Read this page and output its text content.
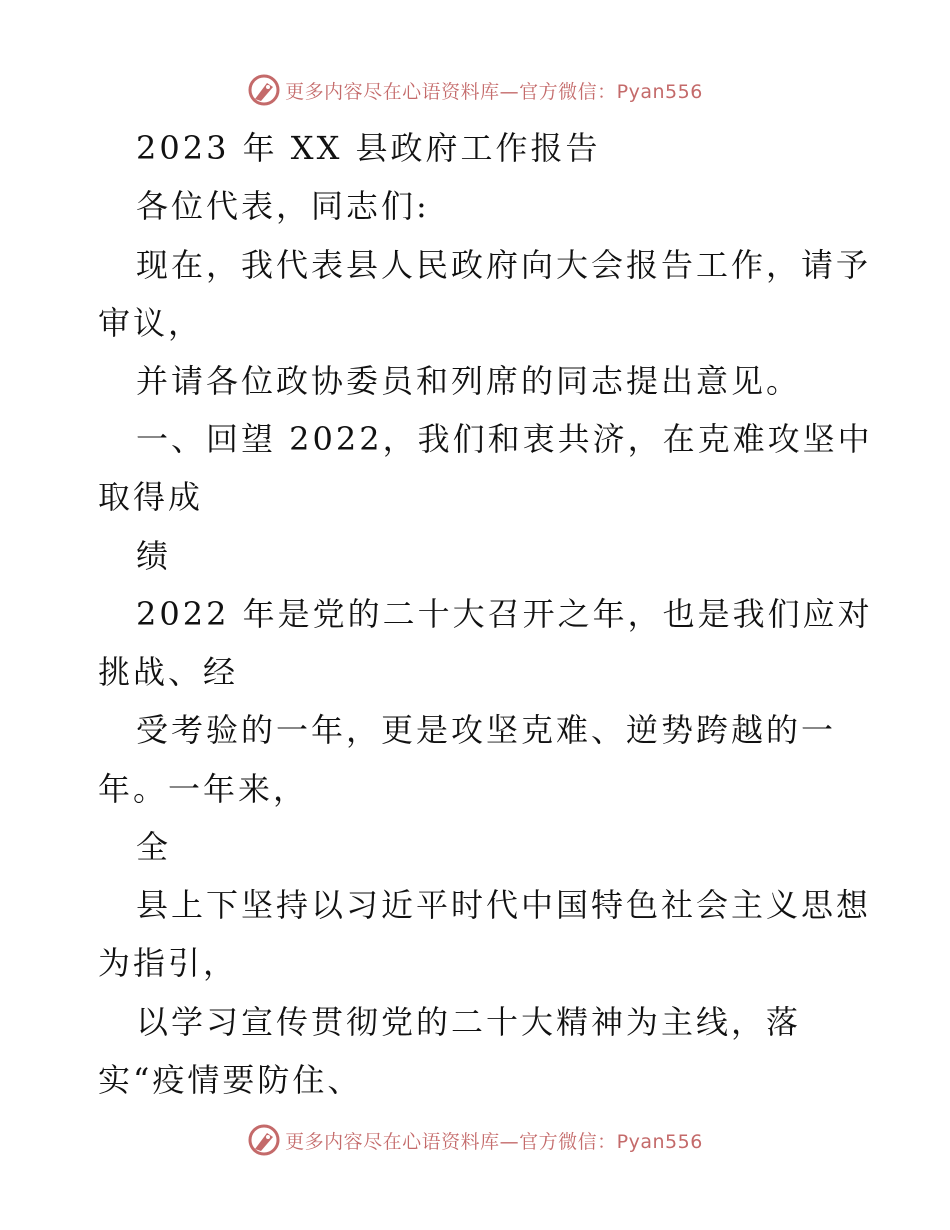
更多内容尽在心语资料库—官方微信：Pyan556
2023 年 XX 县政府工作报告
各位代表，同志们:
现在，我代表县人民政府向大会报告工作，请予
审议，
并请各位政协委员和列席的同志提出意见。
一、回望 2022，我们和衷共济，在克难攻坚中
取得成
绩
2022 年是党的二十大召开之年，也是我们应对
挑战、经
受考验的一年，更是攻坚克难、逆势跨越的一
年。一年来，
全
县上下坚持以习近平时代中国特色社会主义思想
为指引，
以学习宣传贯彻党的二十大精神为主线，落
实“疫情要防住、
更多内容尽在心语资料库—官方微信：Pyan556
